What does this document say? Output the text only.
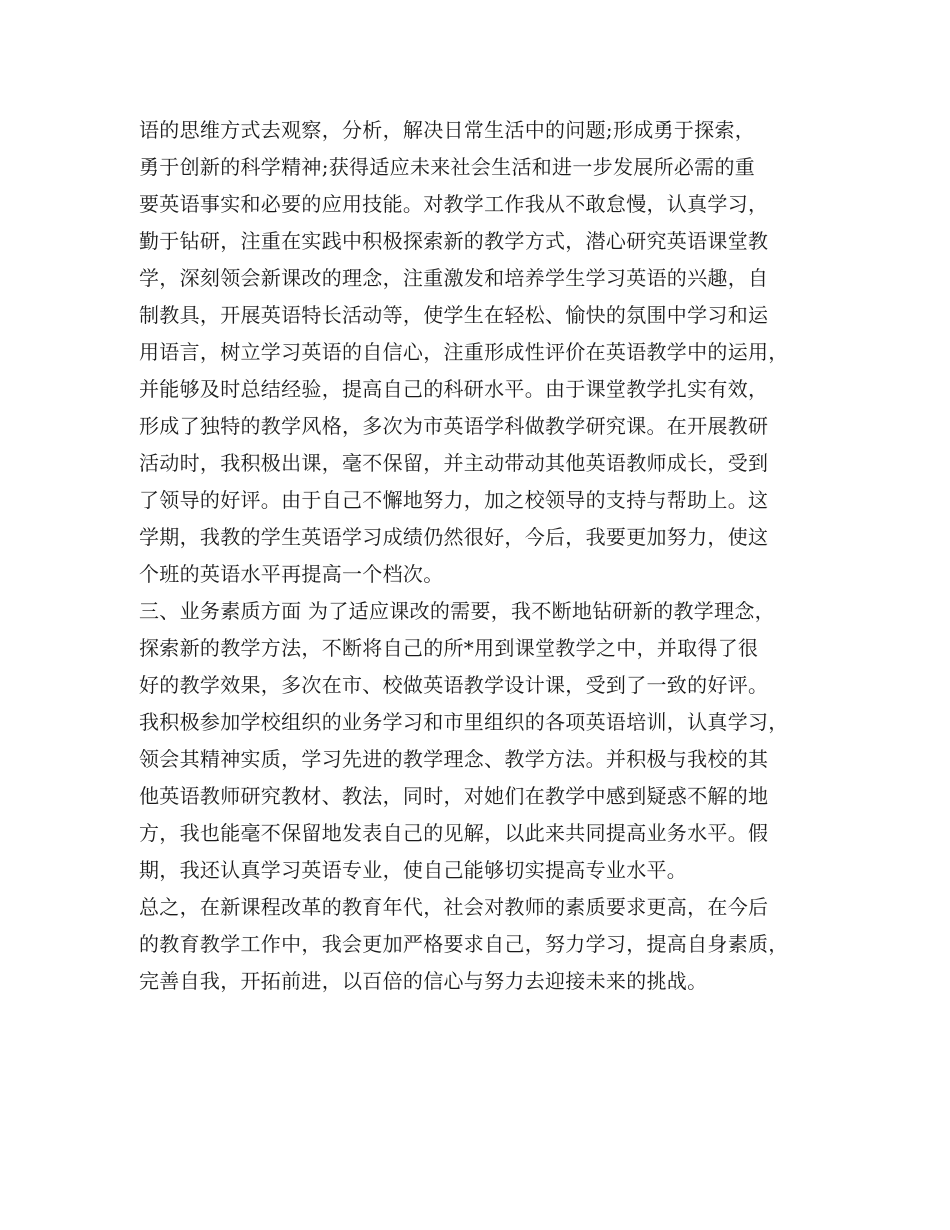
语的思维方式去观察，分析，解决日常生活中的问题;形成勇于探索，
勇于创新的科学精神;获得适应未来社会生活和进一步发展所必需的重
要英语事实和必要的应用技能。对教学工作我从不敢怠慢，认真学习，
勤于钻研，注重在实践中积极探索新的教学方式，潜心研究英语课堂教
学，深刻领会新课改的理念，注重激发和培养学生学习英语的兴趣，自
制教具，开展英语特长活动等，使学生在轻松、愉快的氛围中学习和运
用语言，树立学习英语的自信心，注重形成性评价在英语教学中的运用，
并能够及时总结经验，提高自己的科研水平。由于课堂教学扎实有效，
形成了独特的教学风格，多次为市英语学科做教学研究课。在开展教研
活动时，我积极出课，毫不保留，并主动带动其他英语教师成长，受到
了领导的好评。由于自己不懈地努力，加之校领导的支持与帮助上。这
学期，我教的学生英语学习成绩仍然很好，今后，我要更加努力，使这
个班的英语水平再提高一个档次。
三、业务素质方面 为了适应课改的需要，我不断地钻研新的教学理念，
探索新的教学方法，不断将自己的所*用到课堂教学之中，并取得了很
好的教学效果，多次在市、校做英语教学设计课，受到了一致的好评。
我积极参加学校组织的业务学习和市里组织的各项英语培训，认真学习，
领会其精神实质，学习先进的教学理念、教学方法。并积极与我校的其
他英语教师研究教材、教法，同时，对她们在教学中感到疑惑不解的地
方，我也能毫不保留地发表自己的见解，以此来共同提高业务水平。假
期，我还认真学习英语专业，使自己能够切实提高专业水平。
总之，在新课程改革的教育年代，社会对教师的素质要求更高，在今后
的教育教学工作中，我会更加严格要求自己，努力学习，提高自身素质，
完善自我，开拓前进，以百倍的信心与努力去迎接未来的挑战。
